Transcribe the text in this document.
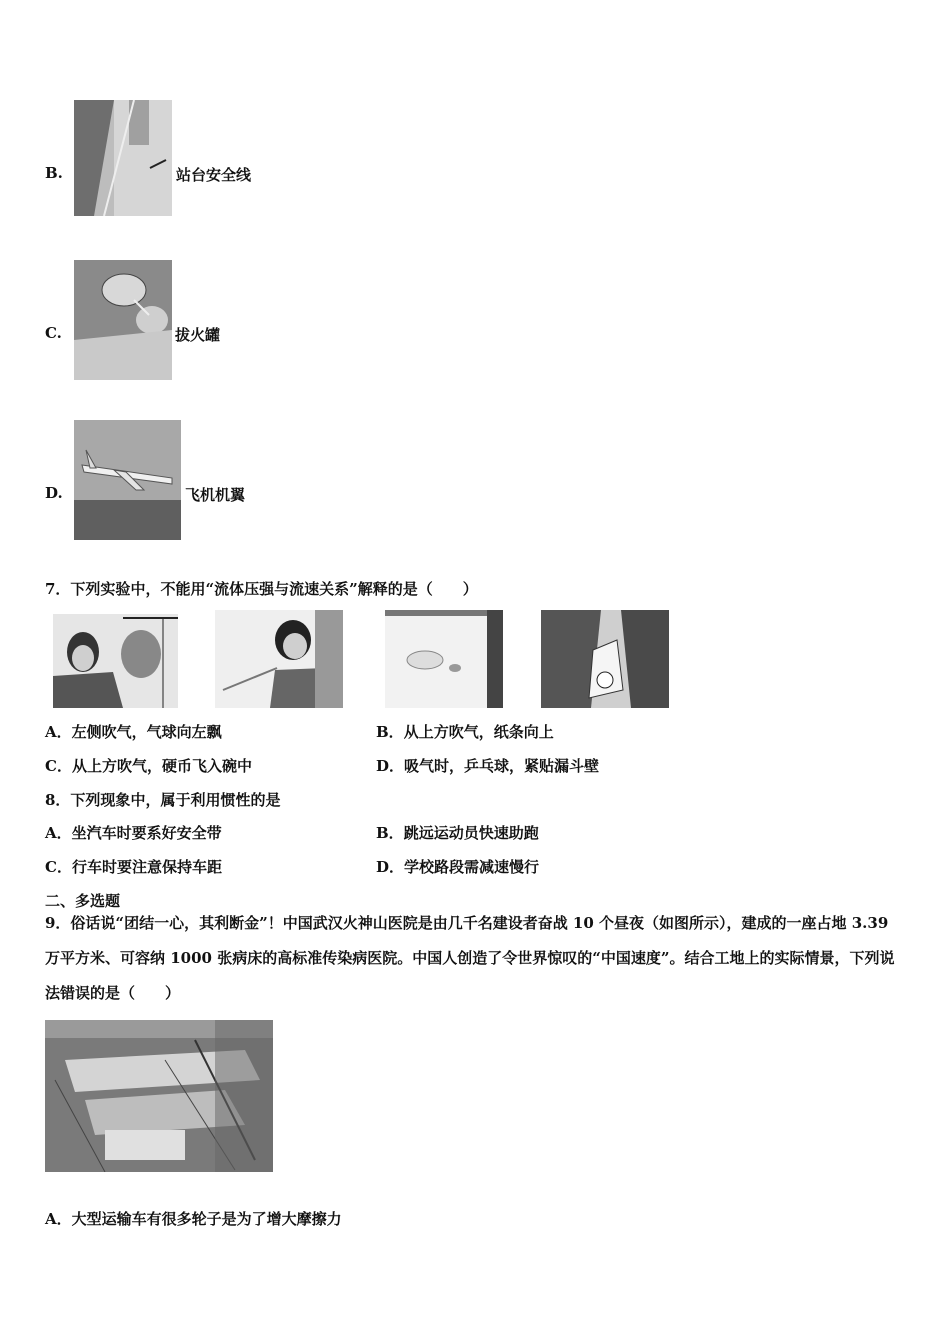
B.	站台安全线
C.	拔火罐
D.	飞机机翼
7．下列实验中，不能用“流体压强与流速关系”解释的是（　　）
A．左侧吹气，气球向左飘	B．从上方吹气，纸条向上
C．从上方吹气，硬币飞入碗中	D．吸气时，乒乓球，紧贴漏斗壁
8．下列现象中，属于利用惯性的是
A．坐汽车时要系好安全带	B．跳远运动员快速助跑
C．行车时要注意保持车距	D．学校路段需减速慢行
二、多选题
9．俗话说“团结一心，其利断金”！中国武汉火神山医院是由几千名建设者奋战 10 个昼夜（如图所示），建成的一座占地 3.39 万平方米、可容纳 1000 张病床的高标准传染病医院。中国人创造了令世界惊叹的“中国速度”。结合工地上的实际情景，下列说法错误的是（　　）
A．大型运输车有很多轮子是为了增大摩擦力
